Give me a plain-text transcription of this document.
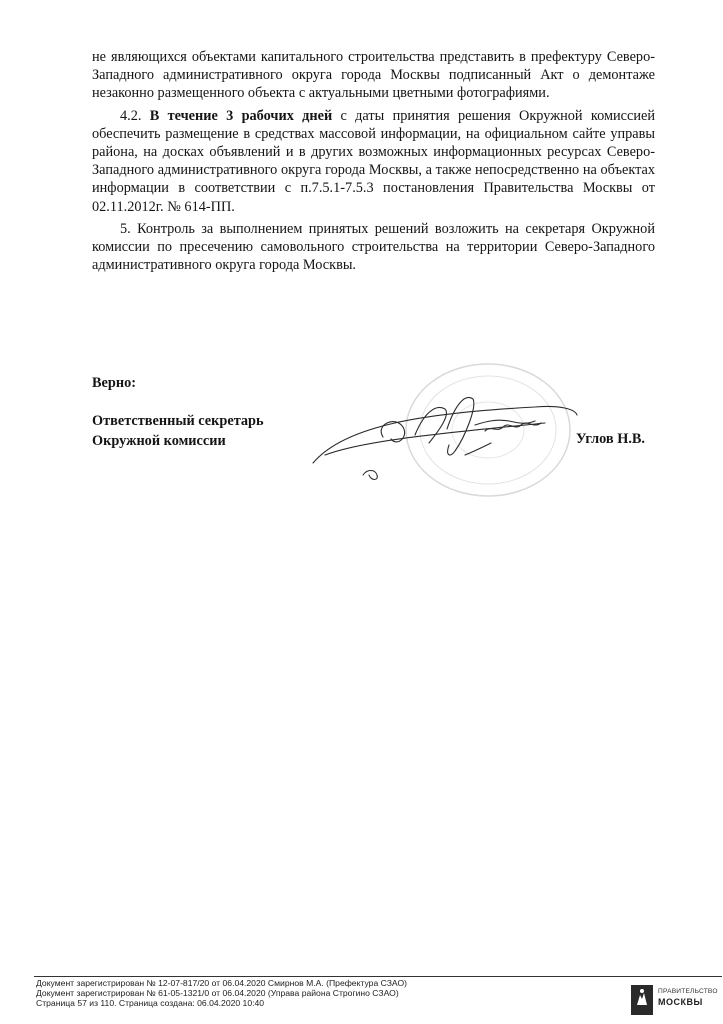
не являющихся объектами капитального строительства представить в префектуру Северо-Западного административного округа города Москвы подписанный Акт о демонтаже незаконно размещенного объекта с актуальными цветными фотографиями.

4.2. В течение 3 рабочих дней с даты принятия решения Окружной комиссией обеспечить размещение в средствах массовой информации, на официальном сайте управы района, на досках объявлений и в других возможных информационных ресурсах Северо-Западного административного округа города Москвы, а также непосредственно на объектах информации в соответствии с п.7.5.1-7.5.3 постановления Правительства Москвы от 02.11.2012г. № 614-ПП.

5. Контроль за выполнением принятых решений возложить на секретаря Окружной комиссии по пресечению самовольного строительства на территории Северо-Западного административного округа города Москвы.

Верно:
Ответственный секретарь
Окружной комиссии	Углов Н.В.
Документ зарегистрирован № 12-07-817/20 от 06.04.2020 Смирнов М.А. (Префектура СЗАО)
Документ зарегистрирован № 61-05-1321/0 от 06.04.2020 (Управа района Строгино СЗАО)
Страница 57 из 110. Страница создана: 06.04.2020 10:40
ПРАВИТЕЛЬСТВО
МОСКВЫ
